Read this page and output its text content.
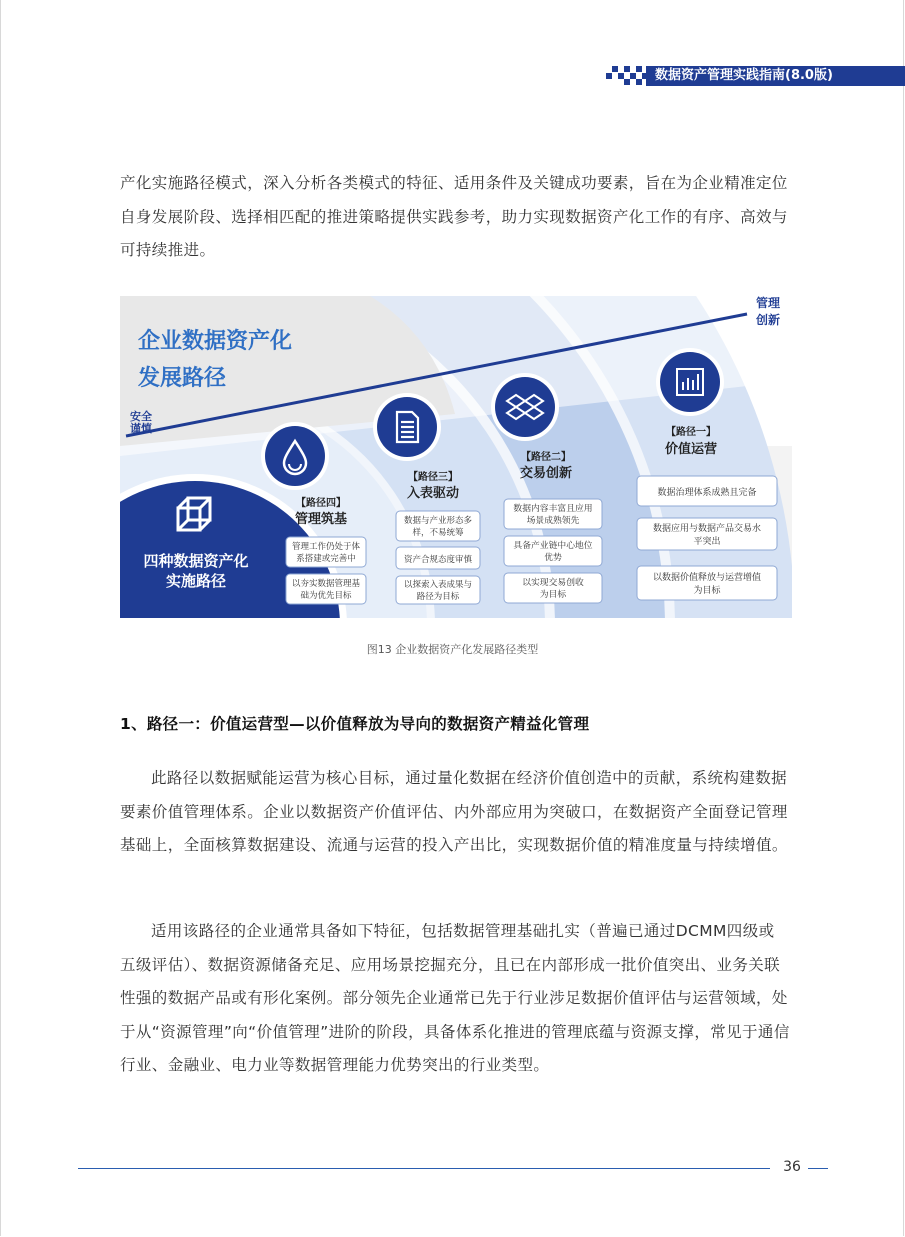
数据资产管理实践指南(8.0版)

产化实施路径模式，深入分析各类模式的特征、适用条件及关键成功要素，旨在为企业精准定位自身发展阶段、选择相匹配的推进策略提供实践参考，助力实现数据资产化工作的有序、高效与可持续推进。

安全
谨慎
管理
创新
企业数据资产化
发展路径
四种数据资产化
实施路径
【路径四】
管理筑基
管理工作仍处于体
系搭建或完善中
以夯实数据管理基
础为优先目标
【路径三】
入表驱动
数据与产业形态多
样，不易统筹
资产合规态度审慎
以探索入表成果与
路径为目标
【路径二】
交易创新
数据内容丰富且应用
场景成熟领先
具备产业链中心地位
优势
以实现交易创收
为目标
【路径一】
价值运营
数据治理体系成熟且完备
数据应用与数据产品交易水
平突出
以数据价值释放与运营增值
为目标
图13 企业数据资产化发展路径类型
1、路径一：价值运营型—以价值释放为导向的数据资产精益化管理

此路径以数据赋能运营为核心目标，通过量化数据在经济价值创造中的贡献，系统构建数据要素价值管理体系。企业以数据资产价值评估、内外部应用为突破口，在数据资产全面登记管理基础上，全面核算数据建设、流通与运营的投入产出比，实现数据价值的精准度量与持续增值。

适用该路径的企业通常具备如下特征，包括数据管理基础扎实（普遍已通过DCMM四级或五级评估）、数据资源储备充足、应用场景挖掘充分，且已在内部形成一批价值突出、业务关联性强的数据产品或有形化案例。部分领先企业通常已先于行业涉足数据价值评估与运营领域，处于从“资源管理”向“价值管理”进阶的阶段，具备体系化推进的管理底蕴与资源支撑，常见于通信行业、金融业、电力业等数据管理能力优势突出的行业类型。

36
